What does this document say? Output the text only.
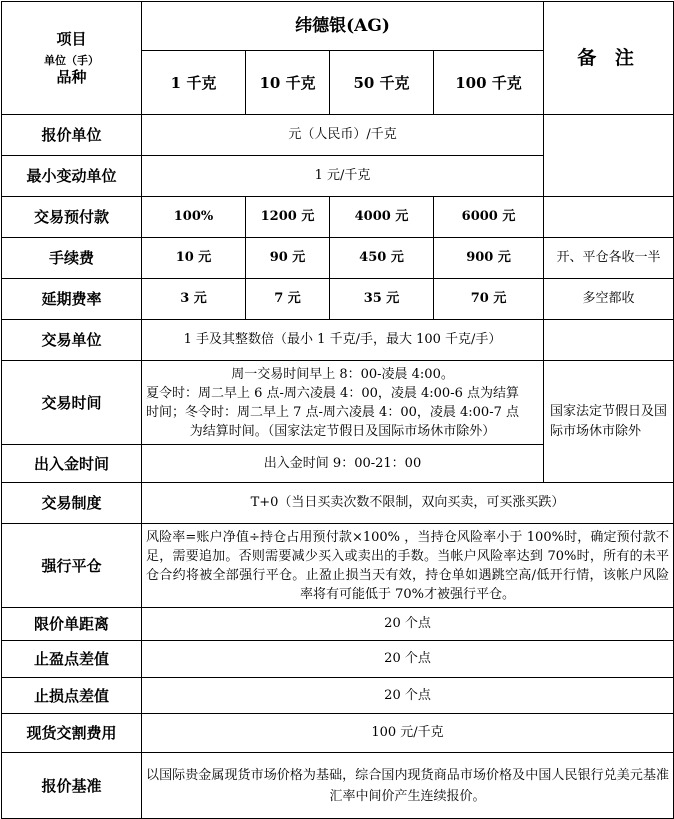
项目
单位（手）
品种	纬德银(AG)				备 注
	1 千克	10 千克	50 千克	100 千克	
报价单位	元（人民币）/千克				
最小变动单位	1 元/千克				
交易预付款	100%	1200 元	4000 元	6000 元	
手续费	10 元	90 元	450 元	900 元	开、平仓各收一半
延期费率	3 元	7 元	35 元	70 元	多空都收
交易单位	1 手及其整数倍（最小 1 千克/手，最大 100 千克/手）				
交易时间	周一交易时间早上 8：00-凌晨 4:00。
夏令时：周二早上 6 点-周六凌晨 4：00，凌晨 4:00-6 点为结算
时间；冬令时：周二早上 7 点-周六凌晨 4：00，凌晨 4:00-7 点
为结算时间。（国家法定节假日及国际市场休市除外）				国家法定节假日及国际市场休市除外
出入金时间	出入金时间 9：00-21：00				
交易制度	T+0（当日买卖次数不限制，双向买卖，可买涨买跌）				
强行平仓	风险率=账户净值÷持仓占用预付款×100% ，当持仓风险率小于 100%时，确定预付款不足，需要追加。否则需要减少买入或卖出的手数。当帐户风险率达到 70%时，所有的未平仓合约将被全部强行平仓。止盈止损当天有效，持仓单如遇跳空高/低开行情，该帐户风险率将有可能低于 70%才被强行平仓。				
限价单距离	20 个点				
止盈点差值	20 个点				
止损点差值	20 个点				
现货交割费用	100 元/千克				
报价基准	以国际贵金属现货市场价格为基础，综合国内现货商品市场价格及中国人民银行兑美元基准汇率中间价产生连续报价。				
